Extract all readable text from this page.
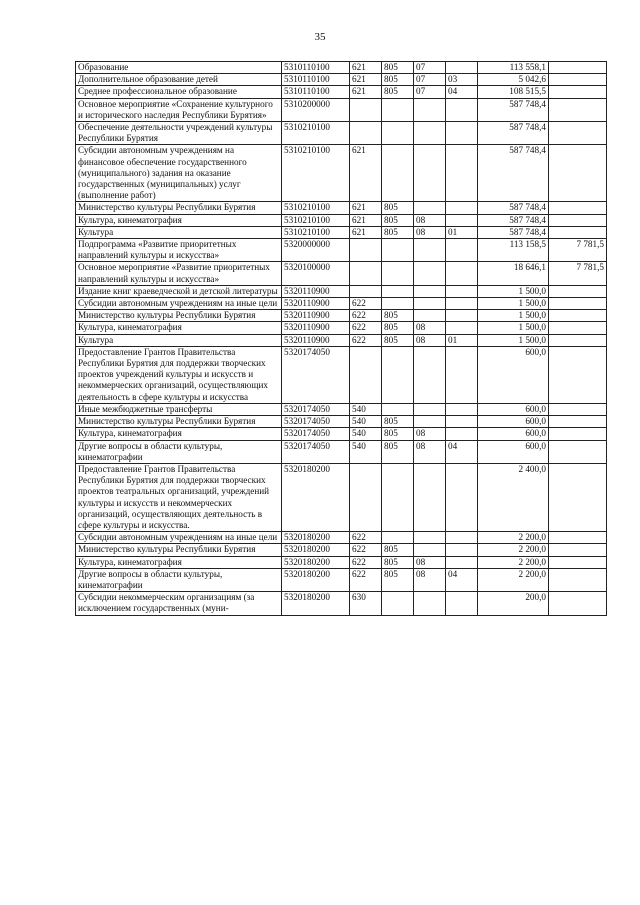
35
Образование	5310110100	621	805	07		113 558,1	
Дополнительное образование детей	5310110100	621	805	07	03	5 042,6	
Среднее профессиональное образование	5310110100	621	805	07	04	108 515,5	
Основное мероприятие «Сохранение культурного и исторического наследия Республики Бурятия»	5310200000					587 748,4	
Обеспечение деятельности учреждений культуры Республики Бурятия	5310210100					587 748,4	
Субсидии автономным учреждениям на финансовое обеспечение государственного (муниципального) задания на оказание государственных (муниципальных) услуг (выполнение работ)	5310210100	621				587 748,4	
Министерство культуры Республики Бурятия	5310210100	621	805			587 748,4	
Культура, кинематография	5310210100	621	805	08		587 748,4	
Культура	5310210100	621	805	08	01	587 748,4	
Подпрограмма «Развитие приоритетных направлений культуры и искусства»	5320000000					113 158,5	7 781,5
Основное мероприятие «Развитие приоритетных направлений культуры и искусства»	5320100000					18 646,1	7 781,5
Издание книг краеведческой и детской литературы	5320110900					1 500,0	
Субсидии автономным учреждениям на иные цели	5320110900	622				1 500,0	
Министерство культуры Республики Бурятия	5320110900	622	805			1 500,0	
Культура, кинематография	5320110900	622	805	08		1 500,0	
Культура	5320110900	622	805	08	01	1 500,0	
Предоставление Грантов Правительства Республики Бурятия для поддержки творческих проектов учреждений культуры и искусств и некоммерческих организаций, осуществляющих деятельность в сфере культуры и искусства	5320174050					600,0	
Иные межбюджетные трансферты	5320174050	540				600,0	
Министерство культуры Республики Бурятия	5320174050	540	805			600,0	
Культура, кинематография	5320174050	540	805	08		600,0	
Другие вопросы в области культуры, кинематографии	5320174050	540	805	08	04	600,0	
Предоставление Грантов Правительства Республики Бурятия для поддержки творческих проектов театральных организаций, учреждений культуры и искусств и некоммерческих организаций, осуществляющих деятельность в сфере культуры и искусства.	5320180200					2 400,0	
Субсидии автономным учреждениям на иные цели	5320180200	622				2 200,0	
Министерство культуры Республики Бурятия	5320180200	622	805			2 200,0	
Культура, кинематография	5320180200	622	805	08		2 200,0	
Другие вопросы в области культуры, кинематографии	5320180200	622	805	08	04	2 200,0	
Субсидии некоммерческим организациям (за исключением государственных (муни-	5320180200	630				200,0	
